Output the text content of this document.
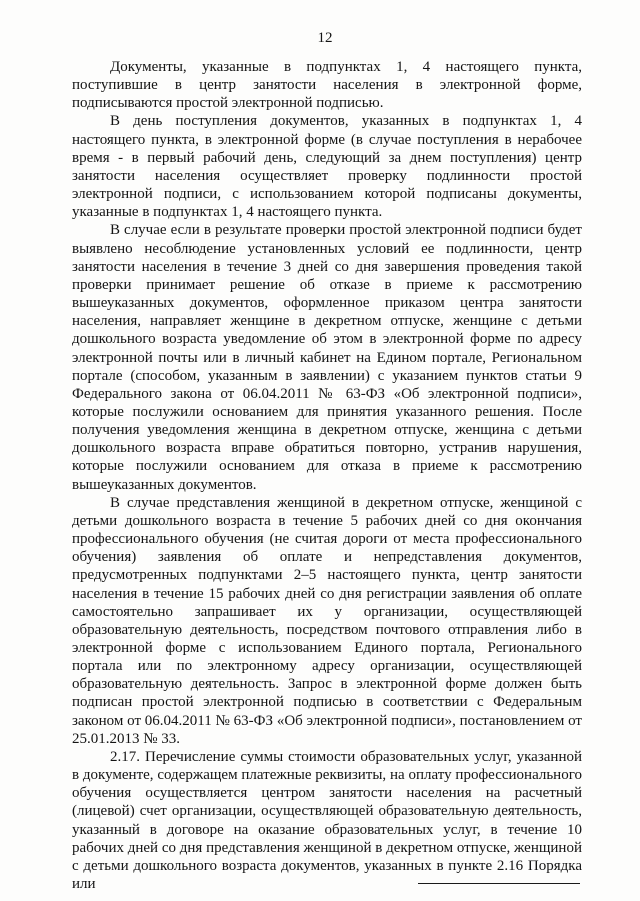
12

Документы, указанные в подпунктах 1, 4 настоящего пункта, поступившие в центр занятости населения в электронной форме, подписываются простой электронной подписью.

В день поступления документов, указанных в подпунктах 1, 4 настоящего пункта, в электронной форме (в случае поступления в нерабочее время - в первый рабочий день, следующий за днем поступления) центр занятости населения осуществляет проверку подлинности простой электронной подписи, с использованием которой подписаны документы, указанные в подпунктах 1, 4 настоящего пункта.

В случае если в результате проверки простой электронной подписи будет выявлено несоблюдение установленных условий ее подлинности, центр занятости населения в течение 3 дней со дня завершения проведения такой проверки принимает решение об отказе в приеме к рассмотрению вышеуказанных документов, оформленное приказом центра занятости населения, направляет женщине в декретном отпуске, женщине с детьми дошкольного возраста уведомление об этом в электронной форме по адресу электронной почты или в личный кабинет на Едином портале, Региональном портале (способом, указанным в заявлении) с указанием пунктов статьи 9 Федерального закона от 06.04.2011 № 63-ФЗ «Об электронной подписи», которые послужили основанием для принятия указанного решения. После получения уведомления женщина в декретном отпуске, женщина с детьми дошкольного возраста вправе обратиться повторно, устранив нарушения, которые послужили основанием для отказа в приеме к рассмотрению вышеуказанных документов.

В случае представления женщиной в декретном отпуске, женщиной с детьми дошкольного возраста в течение 5 рабочих дней со дня окончания профессионального обучения (не считая дороги от места профессионального обучения) заявления об оплате и непредставления документов, предусмотренных подпунктами 2–5 настоящего пункта, центр занятости населения в течение 15 рабочих дней со дня регистрации заявления об оплате самостоятельно запрашивает их у организации, осуществляющей образовательную деятельность, посредством почтового отправления либо в электронной форме с использованием Единого портала, Регионального портала или по электронному адресу организации, осуществляющей образовательную деятельность. Запрос в электронной форме должен быть подписан простой электронной подписью в соответствии с Федеральным законом от 06.04.2011 № 63-ФЗ «Об электронной подписи», постановлением от 25.01.2013 № 33.

2.17. Перечисление суммы стоимости образовательных услуг, указанной в документе, содержащем платежные реквизиты, на оплату профессионального обучения осуществляется центром занятости населения на расчетный (лицевой) счет организации, осуществляющей образовательную деятельность, указанный в договоре на оказание образовательных услуг, в течение 10 рабочих дней со дня представления женщиной в декретном отпуске, женщиной с детьми дошкольного возраста документов, указанных в пункте 2.16 Порядка или
